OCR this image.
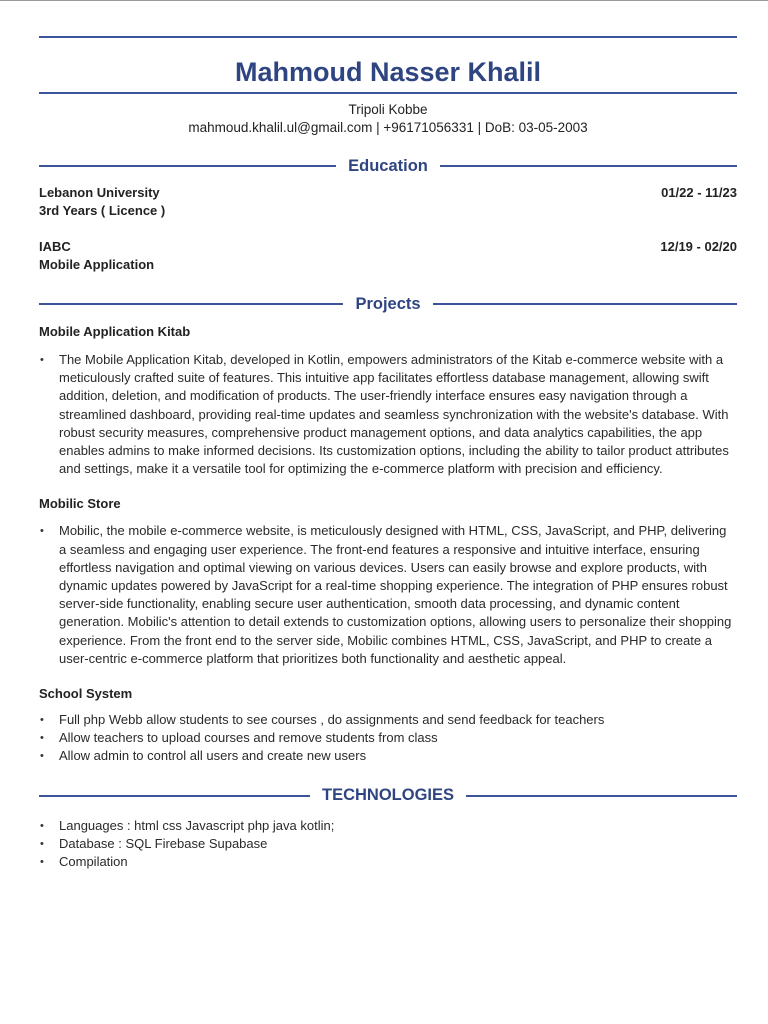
Mahmoud Nasser Khalil
Tripoli Kobbe
mahmoud.khalil.ul@gmail.com | +96171056331 | DoB: 03-05-2003
Education
Lebanon University	01/22 - 11/23
3rd Years ( Licence )
IABC	12/19 - 02/20
Mobile Application
Projects
Mobile Application Kitab
• The Mobile Application Kitab, developed in Kotlin, empowers administrators of the Kitab e-commerce website with a meticulously crafted suite of features. This intuitive app facilitates effortless database management, allowing swift addition, deletion, and modification of products. The user-friendly interface ensures easy navigation through a streamlined dashboard, providing real-time updates and seamless synchronization with the website's database. With robust security measures, comprehensive product management options, and data analytics capabilities, the app enables admins to make informed decisions. Its customization options, including the ability to tailor product attributes and settings, make it a versatile tool for optimizing the e-commerce platform with precision and efficiency.
Mobilic Store
• Mobilic, the mobile e-commerce website, is meticulously designed with HTML, CSS, JavaScript, and PHP, delivering a seamless and engaging user experience. The front-end features a responsive and intuitive interface, ensuring effortless navigation and optimal viewing on various devices. Users can easily browse and explore products, with dynamic updates powered by JavaScript for a real-time shopping experience. The integration of PHP ensures robust server-side functionality, enabling secure user authentication, smooth data processing, and dynamic content generation. Mobilic's attention to detail extends to customization options, allowing users to personalize their shopping experience. From the front end to the server side, Mobilic combines HTML, CSS, JavaScript, and PHP to create a user-centric e-commerce platform that prioritizes both functionality and aesthetic appeal.
School System
• Full php Webb allow students to see courses , do assignments and send feedback for teachers
• Allow teachers to upload courses and remove students from class
• Allow admin to control all users and create new users
TECHNOLOGIES
• Languages : html css Javascript php java kotlin;
• Database : SQL Firebase Supabase
• Compilation
